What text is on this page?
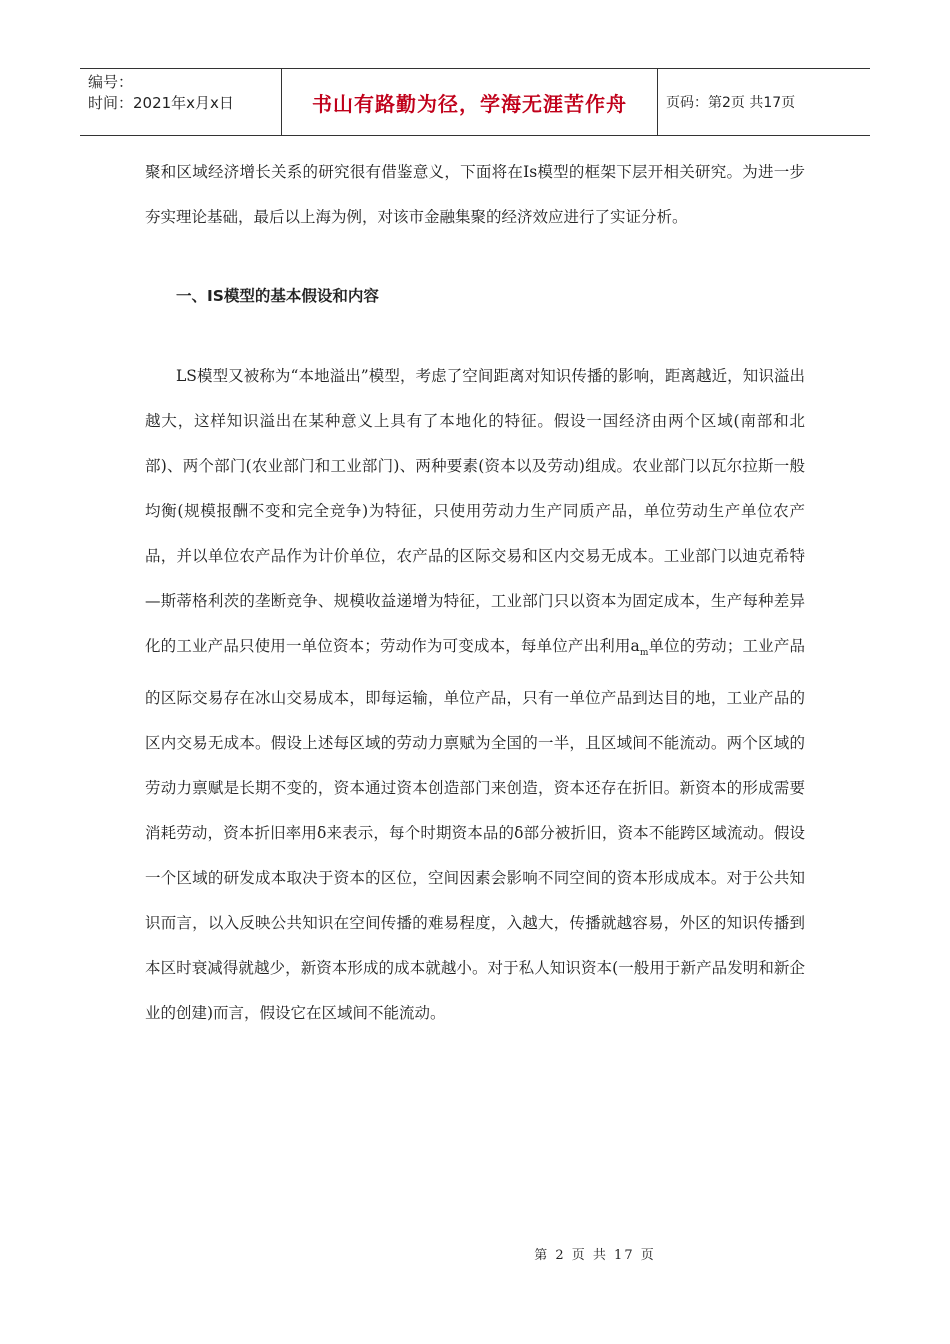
编号：
时间：2021年x月x日	书山有路勤为径，学海无涯苦作舟	页码：第2页 共17页

聚和区域经济增长关系的研究很有借鉴意义，下面将在Is模型的框架下层开相关研究。为进一步夯实理论基础，最后以上海为例，对该市金融集聚的经济效应进行了实证分析。

一、IS模型的基本假设和内容

LS模型又被称为“本地溢出”模型，考虑了空间距离对知识传播的影响，距离越近，知识溢出越大，这样知识溢出在某种意义上具有了本地化的特征。假设一国经济由两个区域(南部和北部)、两个部门(农业部门和工业部门)、两种要素(资本以及劳动)组成。农业部门以瓦尔拉斯一般均衡(规模报酬不变和完全竞争)为特征，只使用劳动力生产同质产品，单位劳动生产单位农产品，并以单位农产品作为计价单位，农产品的区际交易和区内交易无成本。工业部门以迪克希特—斯蒂格利茨的垄断竞争、规模收益递增为特征，工业部门只以资本为固定成本，生产每种差异化的工业产品只使用一单位资本；劳动作为可变成本，每单位产出利用$a_m$单位的劳动；工业产品的区际交易存在冰山交易成本，即每运输，单位产品，只有一单位产品到达目的地，工业产品的区内交易无成本。假设上述每区域的劳动力禀赋为全国的一半，且区域间不能流动。两个区域的劳动力禀赋是长期不变的，资本通过资本创造部门来创造，资本还存在折旧。新资本的形成需要消耗劳动，资本折旧率用δ来表示，每个时期资本品的δ部分被折旧，资本不能跨区域流动。假设一个区域的研发成本取决于资本的区位，空间因素会影响不同空间的资本形成成本。对于公共知识而言，以入反映公共知识在空间传播的难易程度，入越大，传播就越容易，外区的知识传播到本区时衰减得就越少，新资本形成的成本就越小。对于私人知识资本(一般用于新产品发明和新企业的创建)而言，假设它在区域间不能流动。

第 2 页 共 17 页
